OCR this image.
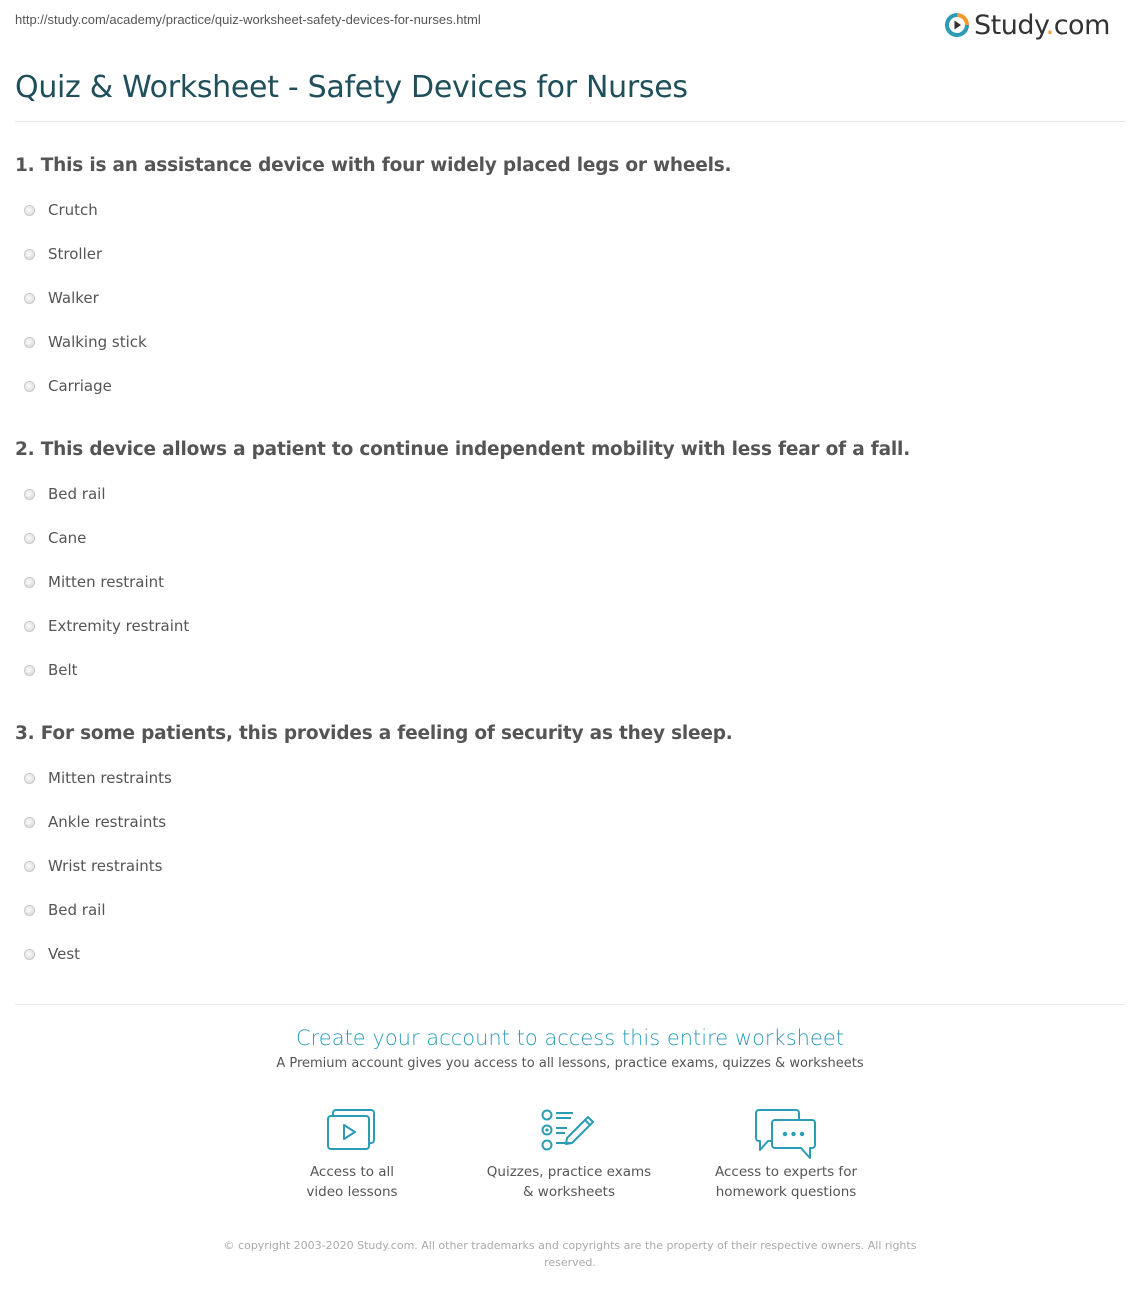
http://study.com/academy/practice/quiz-worksheet-safety-devices-for-nurses.html	Study.com
Quiz & Worksheet - Safety Devices for Nurses

1. This is an assistance device with four widely placed legs or wheels.

Crutch
Stroller
Walker
Walking stick
Carriage

2. This device allows a patient to continue independent mobility with less fear of a fall.

Bed rail
Cane
Mitten restraint
Extremity restraint
Belt

3. For some patients, this provides a feeling of security as they sleep.

Mitten restraints
Ankle restraints
Wrist restraints
Bed rail
Vest
Create your account to access this entire worksheet
A Premium account gives you access to all lessons, practice exams, quizzes & worksheets
Access to all
video lessons
Quizzes, practice exams
& worksheets
Access to experts for
homework questions
© copyright 2003-2020 Study.com. All other trademarks and copyrights are the property of their respective owners. All rights reserved.
